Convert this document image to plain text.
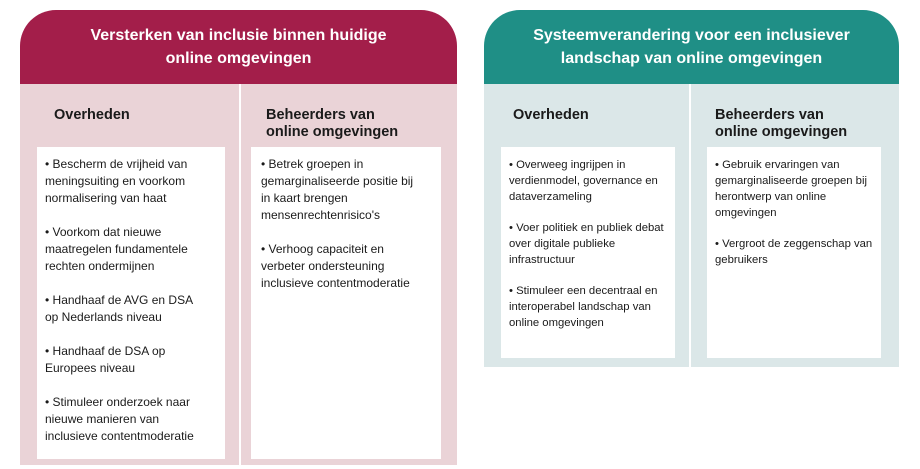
Versterken van inclusie binnen huidige
online omgevingen
Overheden	Beheerders van
online omgevingen
• Bescherm de vrijheid van
meningsuiting en voorkom
normalisering van haat
• Voorkom dat nieuwe
maatregelen fundamentele
rechten ondermijnen
• Handhaaf de AVG en DSA
op Nederlands niveau
• Handhaaf de DSA op
Europees niveau
• Stimuleer onderzoek naar
nieuwe manieren van
inclusieve contentmoderatie
• Betrek groepen in
gemarginaliseerde positie bij
in kaart brengen
mensenrechtenrisico's
• Verhoog capaciteit en
verbeter ondersteuning
inclusieve contentmoderatie
Systeemverandering voor een inclusiever
landschap van online omgevingen
Overheden	Beheerders van
online omgevingen
• Overweeg ingrijpen in
verdienmodel, governance en
dataverzameling
• Voer politiek en publiek debat
over digitale publieke
infrastructuur
• Stimuleer een decentraal en
interoperabel landschap van
online omgevingen
• Gebruik ervaringen van
gemarginaliseerde groepen bij
herontwerp van online
omgevingen
• Vergroot de zeggenschap van
gebruikers
